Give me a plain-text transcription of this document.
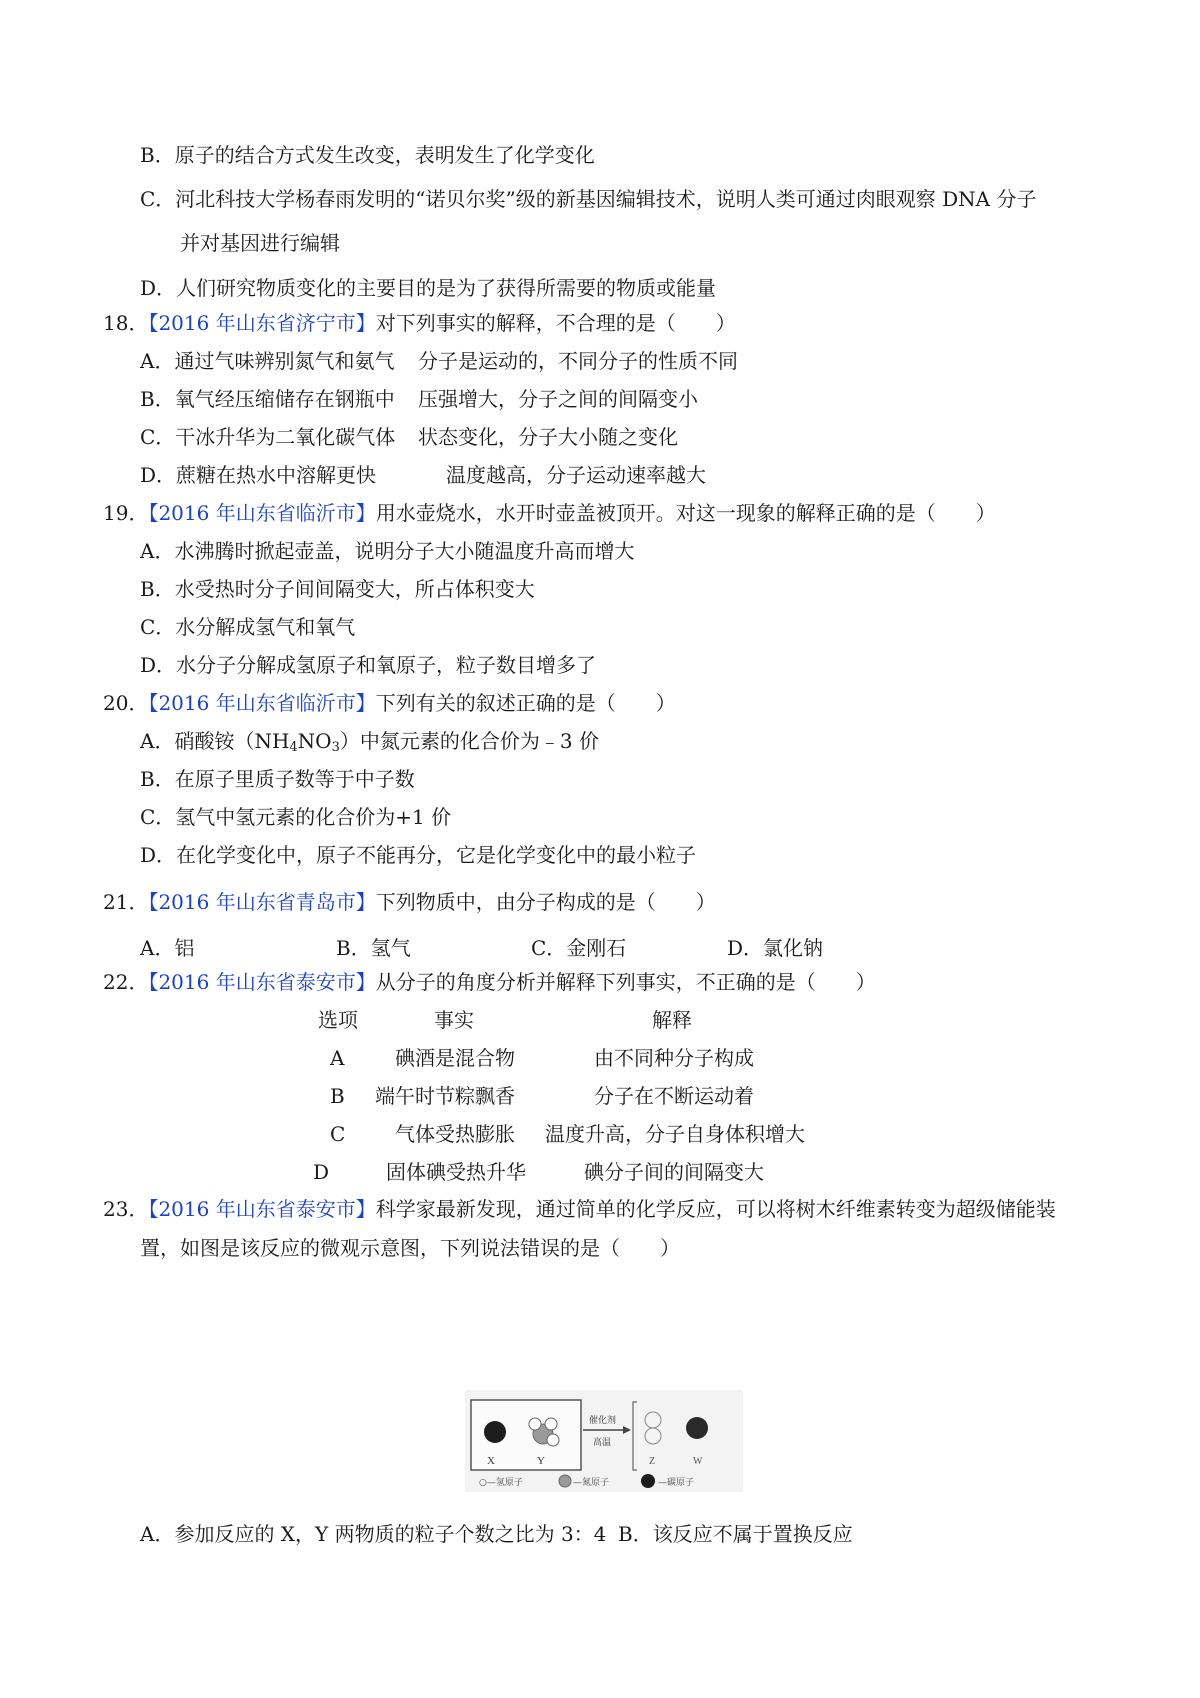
B．原子的结合方式发生改变，表明发生了化学变化
C．河北科技大学杨春雨发明的“诺贝尔奖”级的新基因编辑技术，说明人类可通过肉眼观察 DNA 分子
并对基因进行编辑
D．人们研究物质变化的主要目的是为了获得所需要的物质或能量
18．【2016 年山东省济宁市】对下列事实的解释，不合理的是（　　）
A．通过气味辨别氮气和氨气 分子是运动的，不同分子的性质不同
B．氧气经压缩储存在钢瓶中 压强增大，分子之间的间隔变小
C．干冰升华为二氧化碳气体 状态变化，分子大小随之变化
D．蔗糖在热水中溶解更快	温度越高，分子运动速率越大
19．【2016 年山东省临沂市】用水壶烧水，水开时壶盖被顶开。对这一现象的解释正确的是（　　）
A．水沸腾时掀起壶盖，说明分子大小随温度升高而增大
B．水受热时分子间间隔变大，所占体积变大
C．水分解成氢气和氧气
D．水分子分解成氢原子和氧原子，粒子数目增多了
20．【2016 年山东省临沂市】下列有关的叙述正确的是（　　）
A．硝酸铵$(NH_4NO_3)$中氮元素的化合价为﹣3 价
B．在原子里质子数等于中子数
C．氢气中氢元素的化合价为+1 价
D．在化学变化中，原子不能再分，它是化学变化中的最小粒子
21．【2016 年山东省青岛市】下列物质中，由分子构成的是（　　）
A．铝	B．氢气	C．金刚石	D．氯化钠
22．【2016 年山东省泰安市】从分子的角度分析并解释下列事实，不正确的是（　　）
选项	事实	解释
A	碘酒是混合物	由不同种分子构成
B 端午时节粽飘香	分子在不断运动着
C 气体受热膨胀 温度升高，分子自身体积增大
D	固体碘受热升华	碘分子间的间隔变大
23．【2016 年山东省泰安市】科学家最新发现，通过简单的化学反应，可以将树木纤维素转变为超级储能装
置，如图是该反应的微观示意图，下列说法错误的是（　　）
X	Y
催化剂
高温
Z	W
○—氢原子	—氮原子	—碳原子
A．参加反应的 X，Y 两物质的粒子个数之比为 3：4 B．该反应不属于置换反应
